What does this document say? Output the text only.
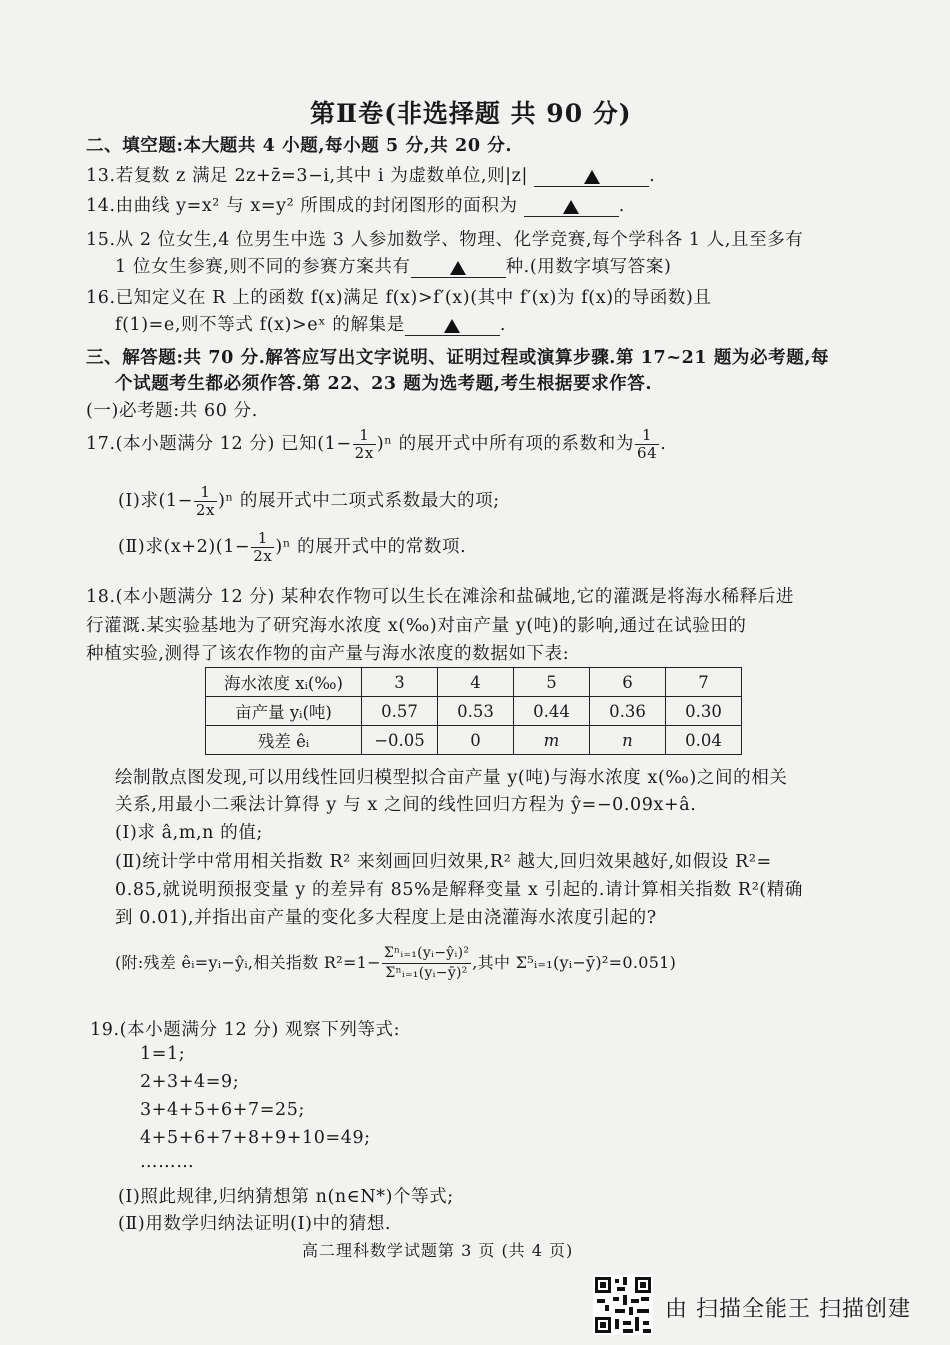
第Ⅱ卷(非选择题 共 90 分)
二、填空题:本大题共 4 小题,每小题 5 分,共 20 分.
13.若复数 z 满足 2z+z̄=3−i,其中 i 为虚数单位,则|z|	.
14.由曲线 y=x² 与 x=y² 所围成的封闭图形的面积为	.
15.从 2 位女生,4 位男生中选 3 人参加数学、物理、化学竞赛,每个学科各 1 人,且至多有
1 位女生参赛,则不同的参赛方案共有	种.(用数字填写答案)
16.已知定义在 R 上的函数 f(x)满足 f(x)>f′(x)(其中 f′(x)为 f(x)的导函数)且
f(1)=e,则不等式 f(x)>eˣ 的解集是	.
三、解答题:共 70 分.解答应写出文字说明、证明过程或演算步骤.第 17~21 题为必考题,每
个试题考生都必须作答.第 22、23 题为选考题,考生根据要求作答.
(一)必考题:共 60 分.
17.(本小题满分 12 分) 已知$(1- \frac{1}{2x} )^n$ 的展开式中所有项的系数和为 $\frac{1}{64}$ .
(Ⅰ)求$(1- \frac{1}{2x} )^n$ 的展开式中二项式系数最大的项;
(Ⅱ)求$(x+2)(1- \frac{1}{2x} )^n$ 的展开式中的常数项.
18.(本小题满分 12 分) 某种农作物可以生长在滩涂和盐碱地,它的灌溉是将海水稀释后进
行灌溉.某实验基地为了研究海水浓度 x(‰)对亩产量 y(吨)的影响,通过在试验田的
种植实验,测得了该农作物的亩产量与海水浓度的数据如下表:
海水浓度 xᵢ(‰)	3	4	5	6	7
亩产量 yᵢ(吨)	0.57	0.53	0.44	0.36	0.30
残差 êᵢ	−0.05	0	m	n	0.04
绘制散点图发现,可以用线性回归模型拟合亩产量 y(吨)与海水浓度 x(‰)之间的相关
关系,用最小二乘法计算得 y 与 x 之间的线性回归方程为 ŷ=−0.09x+â.
(Ⅰ)求 â,m,n 的值;
(Ⅱ)统计学中常用相关指数 R² 来刻画回归效果,R² 越大,回归效果越好,如假设 R²=
0.85,就说明预报变量 y 的差异有 85%是解释变量 x 引起的.请计算相关指数 R²(精确
到 0.01),并指出亩产量的变化多大程度上是由浇灌海水浓度引起的?
(附:残差 êᵢ=yᵢ−ŷᵢ,相关指数 $R^2=1- \frac{\text{Σⁿᵢ₌₁(yᵢ−ŷᵢ)²}}{\text{Σⁿᵢ₌₁(yᵢ−ȳ)²}}$ ,其中 Σ⁵ᵢ₌₁(yᵢ−ȳ)²=0.051)
19.(本小题满分 12 分) 观察下列等式:
1=1;
2+3+4=9;
3+4+5+6+7=25;
4+5+6+7+8+9+10=49;
………
(Ⅰ)照此规律,归纳猜想第 n(n∈N*)个等式;
(Ⅱ)用数学归纳法证明(Ⅰ)中的猜想.
高二理科数学试题第 3 页 (共 4 页)
由 扫描全能王 扫描创建
